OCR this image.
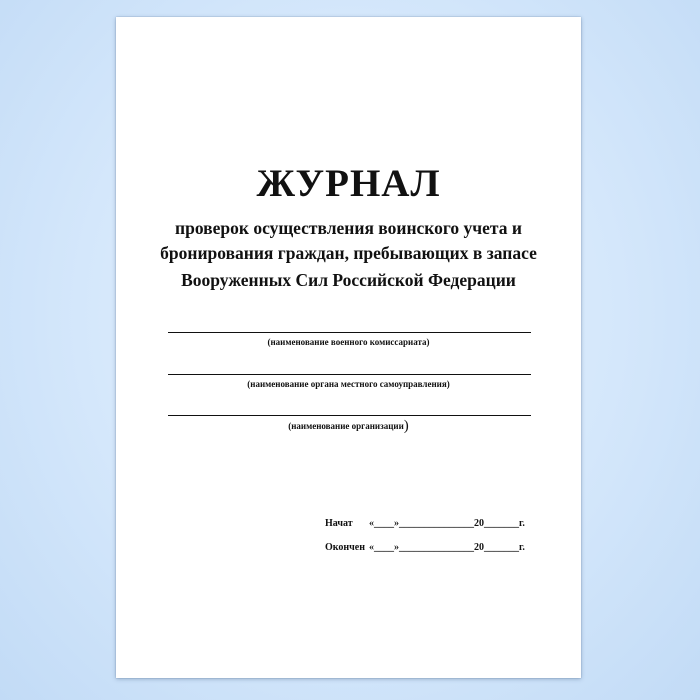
ЖУРНАЛ
проверок осуществления воинского учета и
бронирования граждан, пребывающих в запасе
Вооруженных Сил Российской Федерации
(наименование военного комиссариата)
(наименование органа местного самоуправления)
(наименование организации)
Начат «____»_______________20_______г.
Окончен «____»_______________20_______г.
